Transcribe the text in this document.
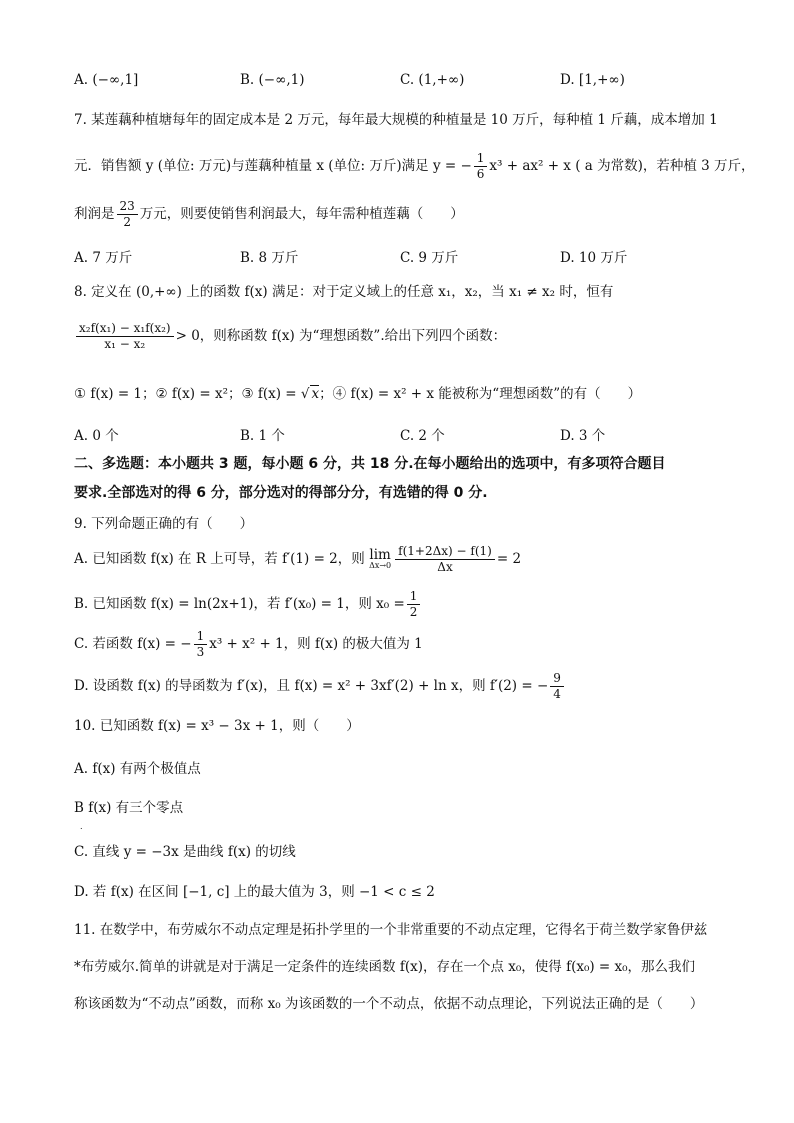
A. (−∞,1]	B. (−∞,1)	C. (1,+∞)	D. [1,+∞)
7. 某莲藕种植塘每年的固定成本是 2 万元，每年最大规模的种植量是 10 万斤，每种植 1 斤藕，成本增加 1
元．销售额 y (单位: 万元)与莲藕种植量 x (单位: 万斤)满足 y = − $\frac{1}{6} x^3 + ax^2 + x$ ( a 为常数)，若种植 3 万斤，
利润是 $\frac{23}{2}$ 万元，则要使销售利润最大，每年需种植莲藕（　　）
A. 7 万斤	B. 8 万斤	C. 9 万斤	D. 10 万斤
8. 定义在 (0,+∞) 上的函数 f(x) 满足：对于定义域上的任意 x₁，x₂，当 x₁ ≠ x₂ 时，恒有
$\frac{\text{x₂f(x₁) − x₁f(x₂)}}{\text{x₁ − x₂}} > 0$，则称函数 f(x) 为“理想函数”.给出下列四个函数：
① f(x) = 1；② f(x) = x²；③ f(x) = √ x；④ f(x) = x² + x 能被称为“理想函数”的有（　　）
A. 0 个	B. 1 个	C. 2 个	D. 3 个
二、多选题：本小题共 3 题，每小题 6 分，共 18 分.在每小题给出的选项中，有多项符合题目
要求.全部选对的得 6 分，部分选对的得部分分，有选错的得 0 分.
9. 下列命题正确的有（　　）
A. 已知函数 f(x) 在 R 上可导，若 f′(1) = 2，则 lim
$\Delta x\to 0 \frac{f(1+2\Delta x) - f(1)}{\Delta x} = 2$
B. 已知函数 f(x) = ln(2x+1)，若 f′(x₀) = 1，则 $x_0 = \frac{1}{2}$
C. 若函数 f(x) = − $\frac{1}{3} x^3 + x^2 + 1$，则 f(x) 的极大值为 1
D. 设函数 f(x) 的导函数为 f′(x)，且 f(x) = x² + 3xf′(2) + ln x，则 f′(2) = − $\frac{9}{4}$
10. 已知函数 f(x) = x³ − 3x + 1，则（　　）
A. f(x) 有两个极值点
B f(x) 有三个零点
.
C. 直线 y = −3x 是曲线 f(x) 的切线
D. 若 f(x) 在区间 [−1, c] 上的最大值为 3，则 −1 < c ≤ 2
11. 在数学中，布劳威尔不动点定理是拓扑学里的一个非常重要的不动点定理，它得名于荷兰数学家鲁伊兹
*布劳威尔.简单的讲就是对于满足一定条件的连续函数 f(x)，存在一个点 x₀，使得 f(x₀) = x₀，那么我们
称该函数为“不动点”函数，而称 x₀ 为该函数的一个不动点，依据不动点理论，下列说法正确的是（　　）
